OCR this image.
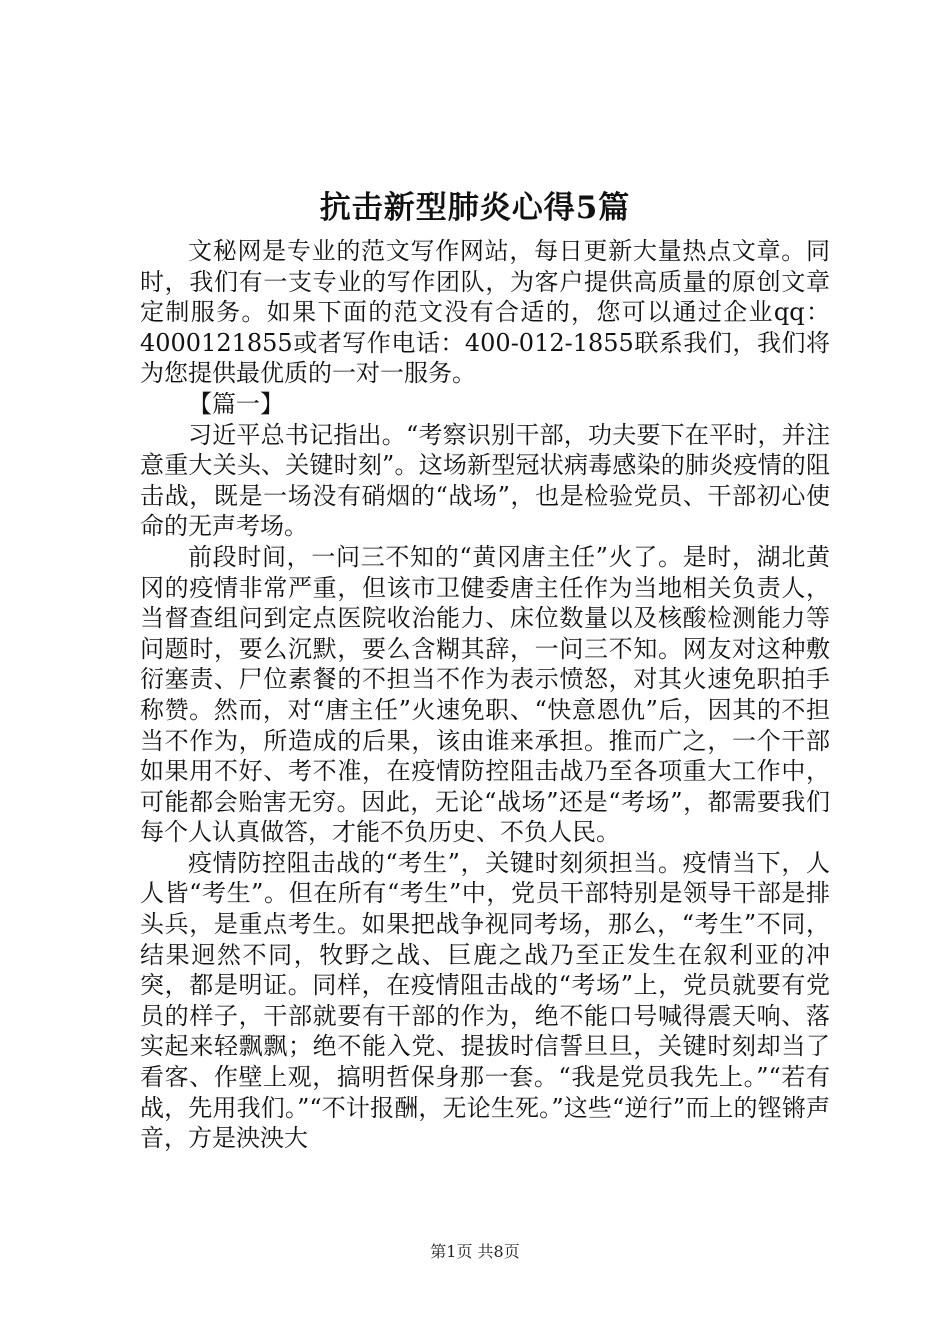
抗击新型肺炎心得5篇

文秘网是专业的范文写作网站，每日更新大量热点文章。同时，我们有一支专业的写作团队，为客户提供高质量的原创文章定制服务。如果下面的范文没有合适的，您可以通过企业qq：4000121855或者写作电话：400-012-1855联系我们，我们将为您提供最优质的一对一服务。

【篇一】

习近平总书记指出。“考察识别干部，功夫要下在平时，并注意重大关头、关键时刻”。这场新型冠状病毒感染的肺炎疫情的阻击战，既是一场没有硝烟的“战场”，也是检验党员、干部初心使命的无声考场。

前段时间，一问三不知的“黄冈唐主任”火了。是时，湖北黄冈的疫情非常严重，但该市卫健委唐主任作为当地相关负责人，当督查组问到定点医院收治能力、床位数量以及核酸检测能力等问题时，要么沉默，要么含糊其辞，一问三不知。网友对这种敷衍塞责、尸位素餐的不担当不作为表示愤怒，对其火速免职拍手称赞。然而，对“唐主任”火速免职、“快意恩仇”后，因其的不担当不作为，所造成的后果，该由谁来承担。推而广之，一个干部如果用不好、考不准，在疫情防控阻击战乃至各项重大工作中，可能都会贻害无穷。因此，无论“战场”还是“考场”，都需要我们每个人认真做答，才能不负历史、不负人民。

疫情防控阻击战的“考生”，关键时刻须担当。疫情当下，人人皆“考生”。但在所有“考生”中，党员干部特别是领导干部是排头兵，是重点考生。如果把战争视同考场，那么，“考生”不同，结果迥然不同，牧野之战、巨鹿之战乃至正发生在叙利亚的冲突，都是明证。同样，在疫情阻击战的“考场”上，党员就要有党员的样子，干部就要有干部的作为，绝不能口号喊得震天响、落实起来轻飘飘；绝不能入党、提拔时信誓旦旦，关键时刻却当了看客、作壁上观，搞明哲保身那一套。“我是党员我先上。”“若有战，先用我们。”“不计报酬，无论生死。”这些“逆行”而上的铿锵声音，方是泱泱大

第1页 共8页
